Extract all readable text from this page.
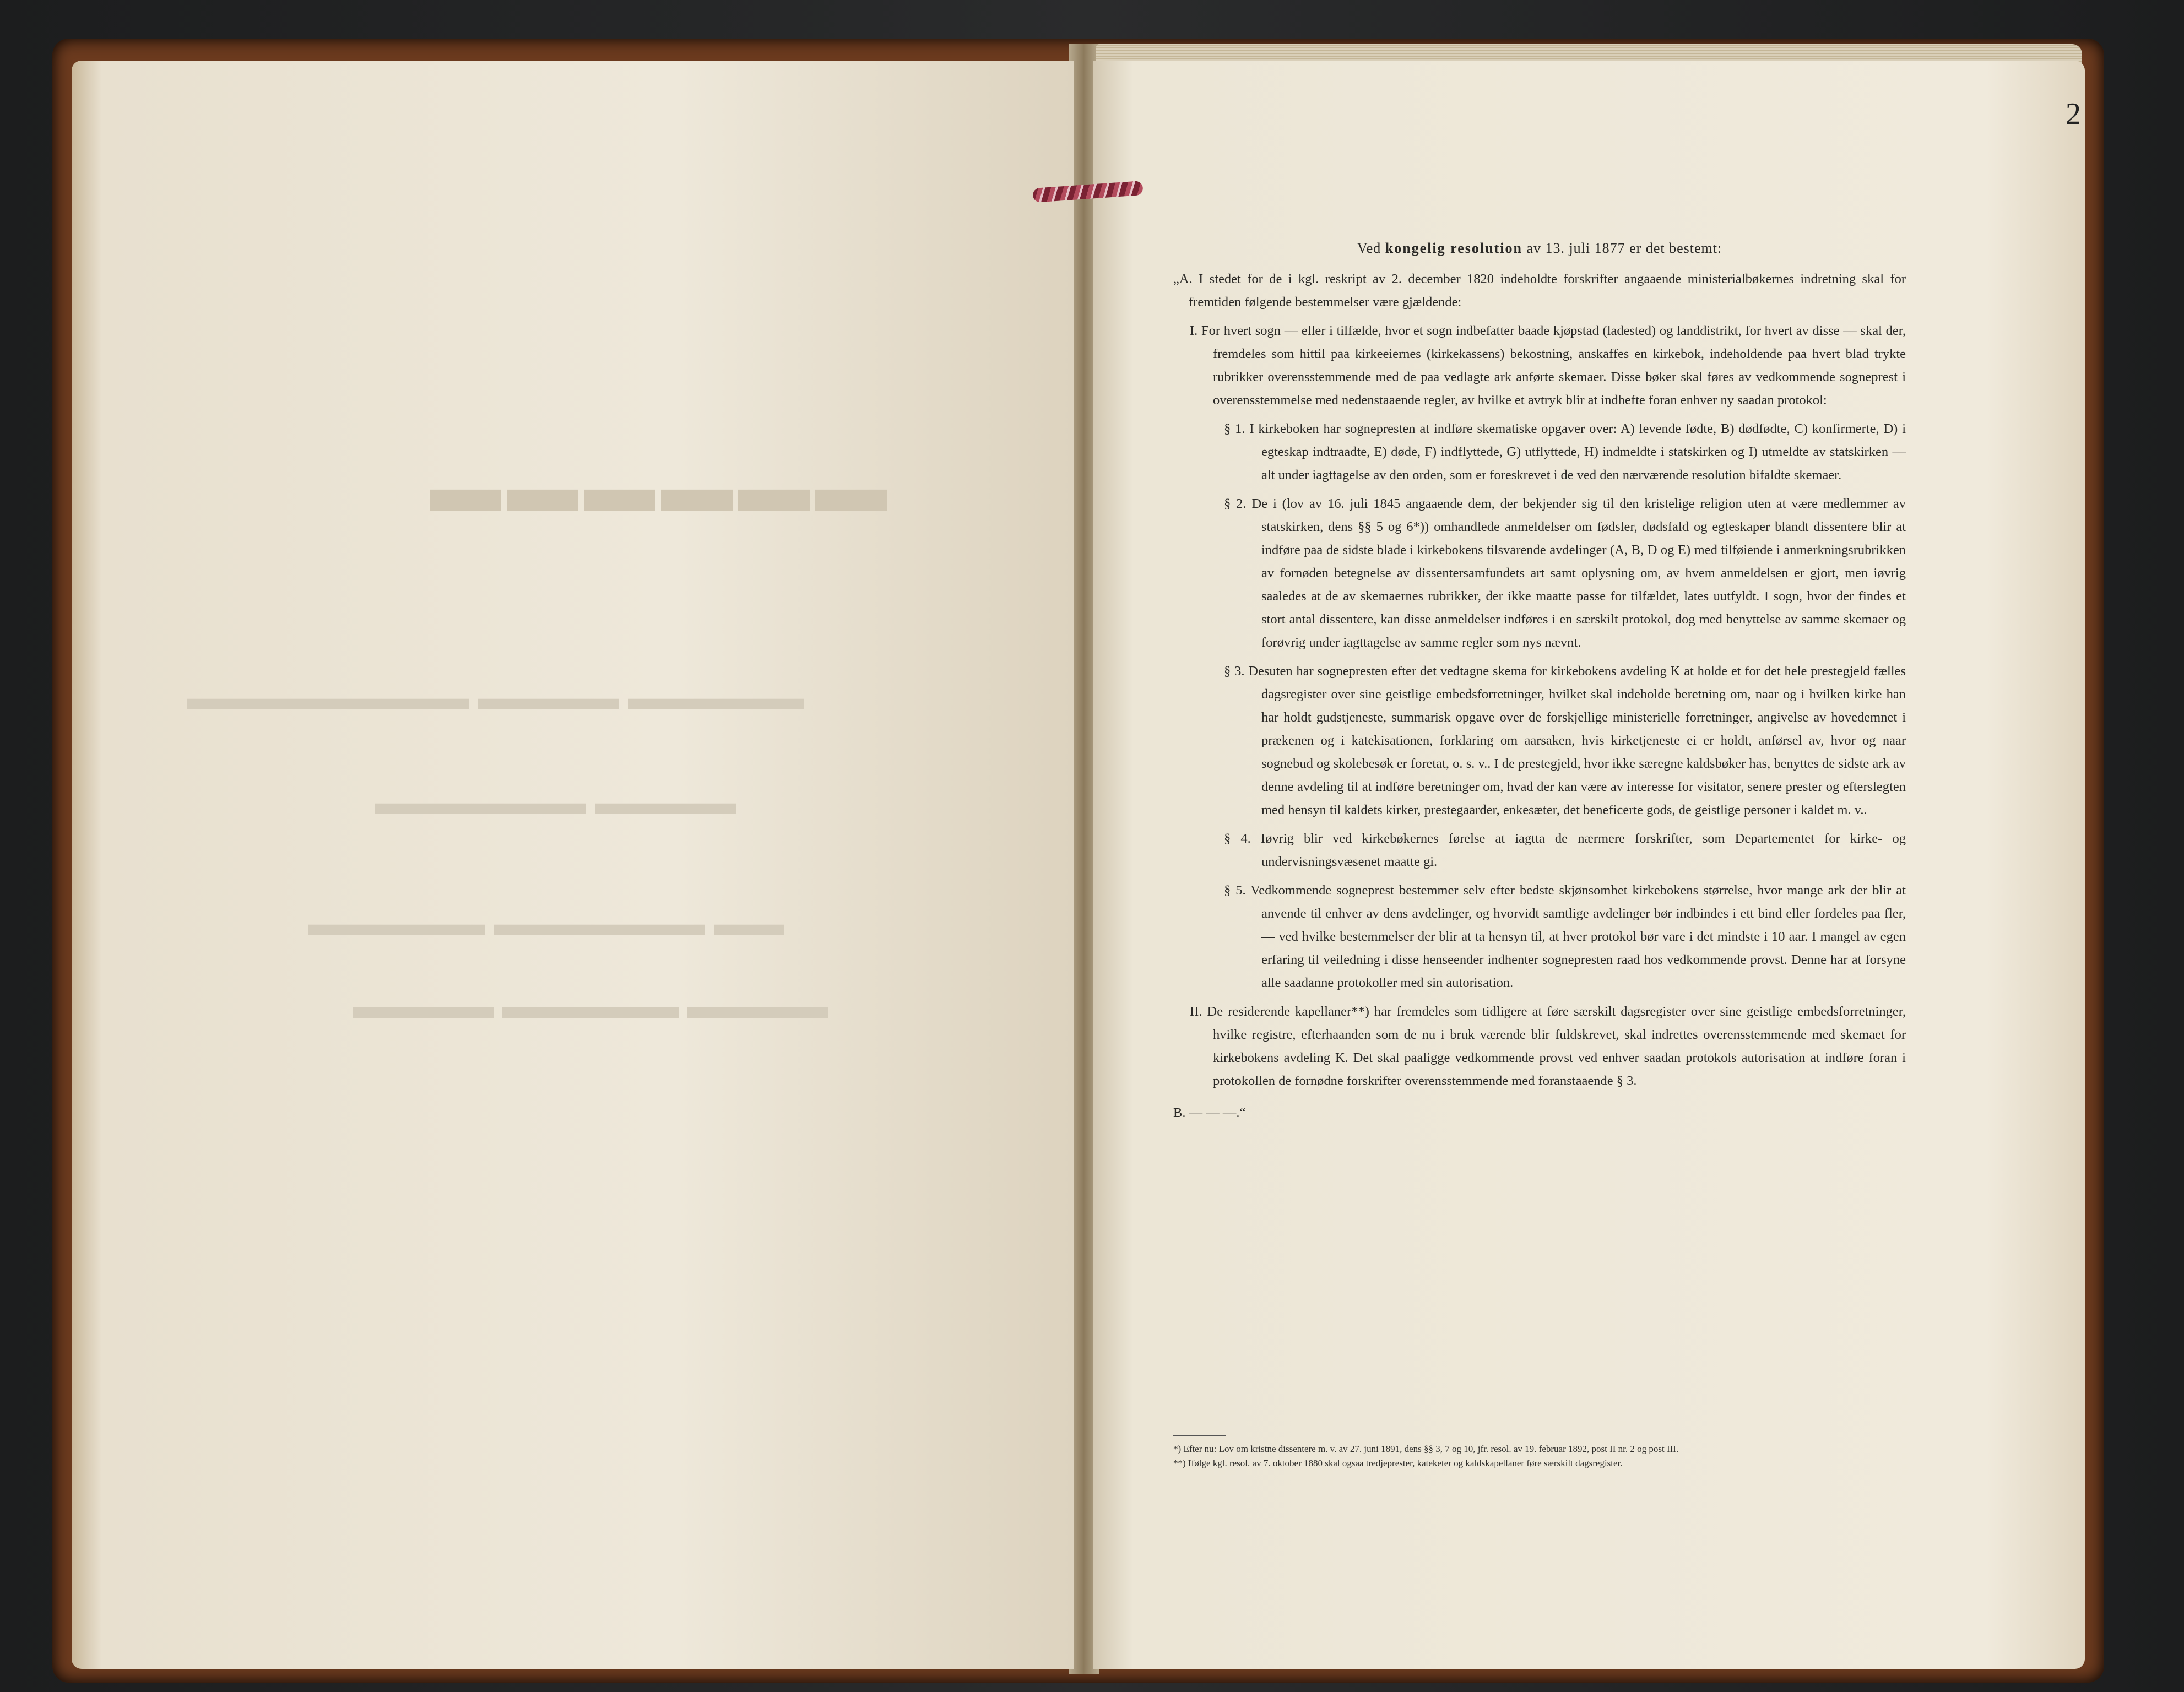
▬▬▬▬▬▬
▬▬▬▬▬ ▬▬▬▬ ▬▬▬▬▬▬▬▬
▬▬▬▬ ▬▬▬▬▬▬
▬▬ ▬▬▬▬▬▬ ▬▬▬▬▬
▬▬▬▬ ▬▬▬▬▬ ▬▬▬▬
2
Ved kongelig resolution av 13. juli 1877 er det bestemt:

„A. I stedet for de i kgl. reskript av 2. december 1820 indeholdte forskrifter angaaende ministerialbøkernes indretning skal for fremtiden følgende bestemmelser være gjældende:

I. For hvert sogn — eller i tilfælde, hvor et sogn indbefatter baade kjøpstad (ladested) og landdistrikt, for hvert av disse — skal der, fremdeles som hittil paa kirkeeiernes (kirkekassens) bekostning, anskaffes en kirkebok, indeholdende paa hvert blad trykte rubrikker overensstemmende med de paa vedlagte ark anførte skemaer. Disse bøker skal føres av vedkommende sogneprest i overensstemmelse med nedenstaaende regler, av hvilke et avtryk blir at indhefte foran enhver ny saadan protokol:

§ 1. I kirkeboken har sognepresten at indføre skematiske opgaver over: A) levende fødte, B) dødfødte, C) konfirmerte, D) i egteskap indtraadte, E) døde, F) indflyttede, G) utflyttede, H) indmeldte i statskirken og I) utmeldte av statskirken — alt under iagttagelse av den orden, som er foreskrevet i de ved den nærværende resolution bifaldte skemaer.

§ 2. De i (lov av 16. juli 1845 angaaende dem, der bekjender sig til den kristelige religion uten at være medlemmer av statskirken, dens §§ 5 og 6*)) omhandlede anmeldelser om fødsler, dødsfald og egteskaper blandt dissentere blir at indføre paa de sidste blade i kirkebokens tilsvarende avdelinger (A, B, D og E) med tilføiende i anmerkningsrubrikken av fornøden betegnelse av dissentersamfundets art samt oplysning om, av hvem anmeldelsen er gjort, men iøvrig saaledes at de av skemaernes rubrikker, der ikke maatte passe for tilfældet, lates uutfyldt. I sogn, hvor der findes et stort antal dissentere, kan disse anmeldelser indføres i en særskilt protokol, dog med benyttelse av samme skemaer og forøvrig under iagttagelse av samme regler som nys nævnt.

§ 3. Desuten har sognepresten efter det vedtagne skema for kirkebokens avdeling K at holde et for det hele prestegjeld fælles dagsregister over sine geistlige embedsforretninger, hvilket skal indeholde beretning om, naar og i hvilken kirke han har holdt gudstjeneste, summarisk opgave over de forskjellige ministerielle forretninger, angivelse av hovedemnet i prækenen og i katekisationen, forklaring om aarsaken, hvis kirketjeneste ei er holdt, anførsel av, hvor og naar sognebud og skolebesøk er foretat, o. s. v.. I de prestegjeld, hvor ikke særegne kaldsbøker has, benyttes de sidste ark av denne avdeling til at indføre beretninger om, hvad der kan være av interesse for visitator, senere prester og efterslegten med hensyn til kaldets kirker, prestegaarder, enkesæter, det beneficerte gods, de geistlige personer i kaldet m. v..

§ 4. Iøvrig blir ved kirkebøkernes førelse at iagtta de nærmere forskrifter, som Departementet for kirke- og undervisningsvæsenet maatte gi.

§ 5. Vedkommende sogneprest bestemmer selv efter bedste skjønsomhet kirkebokens størrelse, hvor mange ark der blir at anvende til enhver av dens avdelinger, og hvorvidt samtlige avdelinger bør indbindes i ett bind eller fordeles paa fler, — ved hvilke bestemmelser der blir at ta hensyn til, at hver protokol bør vare i det mindste i 10 aar. I mangel av egen erfaring til veiledning i disse henseender indhenter sognepresten raad hos vedkommende provst. Denne har at forsyne alle saadanne protokoller med sin autorisation.

II. De residerende kapellaner**) har fremdeles som tidligere at føre særskilt dagsregister over sine geistlige embedsforretninger, hvilke registre, efterhaanden som de nu i bruk værende blir fuldskrevet, skal indrettes overensstemmende med skemaet for kirkebokens avdeling K. Det skal paaligge vedkommende provst ved enhver saadan protokols autorisation at indføre foran i protokollen de fornødne forskrifter overensstemmende med foranstaaende § 3.

B. — — —.“

*) Efter nu: Lov om kristne dissentere m. v. av 27. juni 1891, dens §§ 3, 7 og 10, jfr. resol. av 19. februar 1892, post II nr. 2 og post III.
**) Ifølge kgl. resol. av 7. oktober 1880 skal ogsaa tredjeprester, kateketer og kaldskapellaner føre særskilt dagsregister.
